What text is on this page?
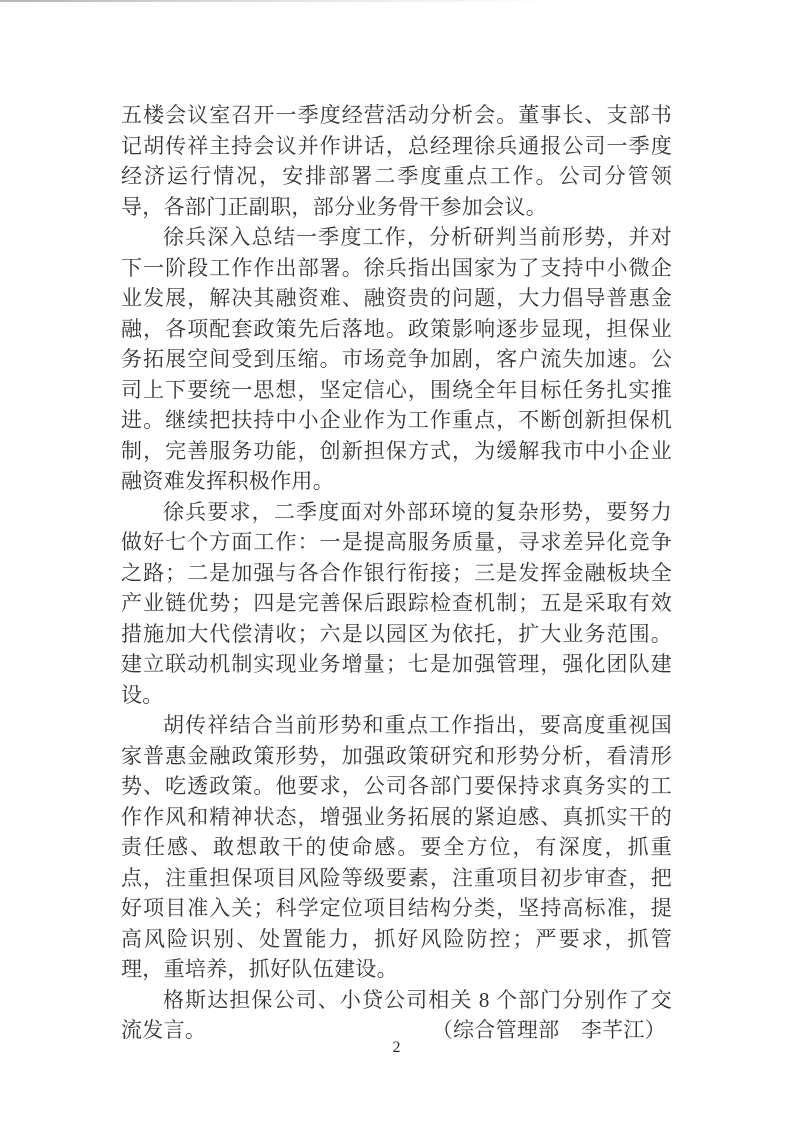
五楼会议室召开一季度经营活动分析会。董事长、支部书记胡传祥主持会议并作讲话，总经理徐兵通报公司一季度经济运行情况，安排部署二季度重点工作。公司分管领导，各部门正副职，部分业务骨干参加会议。

徐兵深入总结一季度工作，分析研判当前形势，并对下一阶段工作作出部署。徐兵指出国家为了支持中小微企业发展，解决其融资难、融资贵的问题，大力倡导普惠金融，各项配套政策先后落地。政策影响逐步显现，担保业务拓展空间受到压缩。市场竞争加剧，客户流失加速。公司上下要统一思想，坚定信心，围绕全年目标任务扎实推进。继续把扶持中小企业作为工作重点，不断创新担保机制，完善服务功能，创新担保方式，为缓解我市中小企业融资难发挥积极作用。

徐兵要求，二季度面对外部环境的复杂形势，要努力做好七个方面工作：一是提高服务质量，寻求差异化竞争之路；二是加强与各合作银行衔接；三是发挥金融板块全产业链优势；四是完善保后跟踪检查机制；五是采取有效措施加大代偿清收；六是以园区为依托，扩大业务范围。建立联动机制实现业务增量；七是加强管理，强化团队建设。

胡传祥结合当前形势和重点工作指出，要高度重视国家普惠金融政策形势，加强政策研究和形势分析，看清形势、吃透政策。他要求，公司各部门要保持求真务实的工作作风和精神状态，增强业务拓展的紧迫感、真抓实干的责任感、敢想敢干的使命感。要全方位，有深度，抓重点，注重担保项目风险等级要素，注重项目初步审查，把好项目准入关；科学定位项目结构分类，坚持高标准，提高风险识别、处置能力，抓好风险防控；严要求，抓管理，重培养，抓好队伍建设。

格斯达担保公司、小贷公司相关 8 个部门分别作了交流发言。	（综合管理部　李芊江）
2
